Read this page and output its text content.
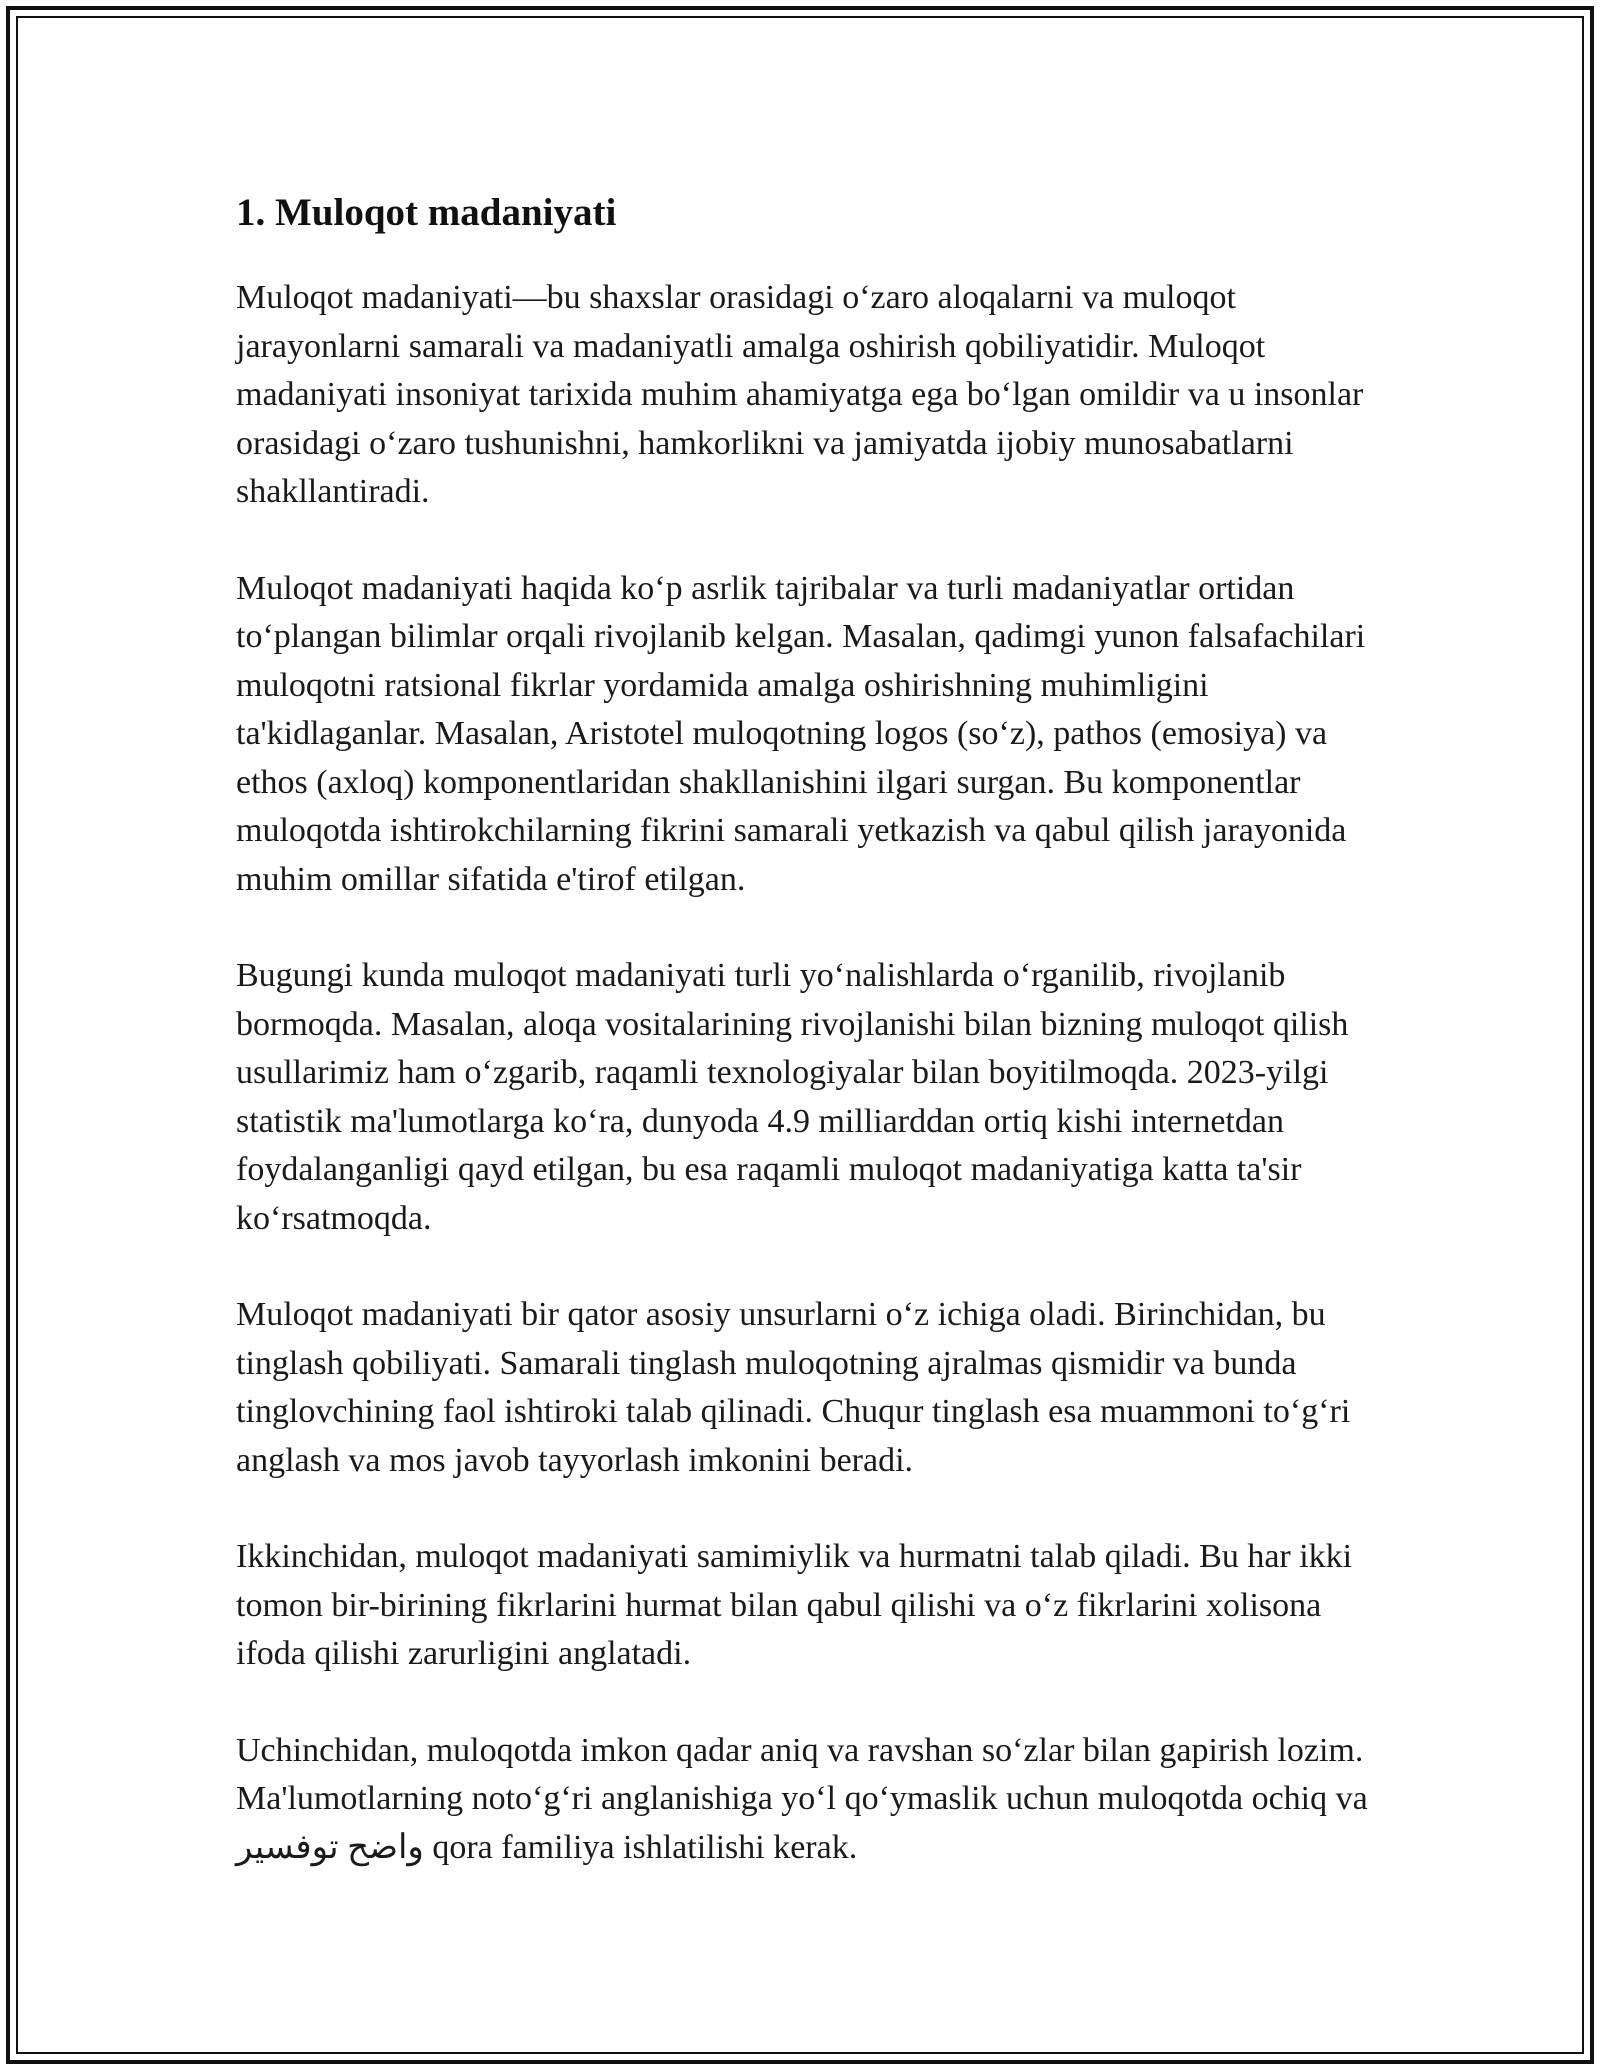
1. Muloqot madaniyati

Muloqot madaniyati—bu shaxslar orasidagi o‘zaro aloqalarni va muloqot jarayonlarni samarali va madaniyatli amalga oshirish qobiliyatidir. Muloqot madaniyati insoniyat tarixida muhim ahamiyatga ega bo‘lgan omildir va u insonlar orasidagi o‘zaro tushunishni, hamkorlikni va jamiyatda ijobiy munosabatlarni shakllantiradi.

Muloqot madaniyati haqida ko‘p asrlik tajribalar va turli madaniyatlar ortidan to‘plangan bilimlar orqali rivojlanib kelgan. Masalan, qadimgi yunon falsafachilari muloqotni ratsional fikrlar yordamida amalga oshirishning muhimligini ta'kidlaganlar. Masalan, Aristotel muloqotning logos (so‘z), pathos (emosiya) va ethos (axloq) komponentlaridan shakllanishini ilgari surgan. Bu komponentlar muloqotda ishtirokchilarning fikrini samarali yetkazish va qabul qilish jarayonida muhim omillar sifatida e'tirof etilgan.

Bugungi kunda muloqot madaniyati turli yo‘nalishlarda o‘rganilib, rivojlanib bormoqda. Masalan, aloqa vositalarining rivojlanishi bilan bizning muloqot qilish usullarimiz ham o‘zgarib, raqamli texnologiyalar bilan boyitilmoqda. 2023-yilgi statistik ma'lumotlarga ko‘ra, dunyoda 4.9 milliarddan ortiq kishi internetdan foydalanganligi qayd etilgan, bu esa raqamli muloqot madaniyatiga katta ta'sir ko‘rsatmoqda.

Muloqot madaniyati bir qator asosiy unsurlarni o‘z ichiga oladi. Birinchidan, bu tinglash qobiliyati. Samarali tinglash muloqotning ajralmas qismidir va bunda tinglovchining faol ishtiroki talab qilinadi. Chuqur tinglash esa muammoni to‘g‘ri anglash va mos javob tayyorlash imkonini beradi.

Ikkinchidan, muloqot madaniyati samimiylik va hurmatni talab qiladi. Bu har ikki tomon bir-birining fikrlarini hurmat bilan qabul qilishi va o‘z fikrlarini xolisona ifoda qilishi zarurligini anglatadi.

Uchinchidan, muloqotda imkon qadar aniq va ravshan so‘zlar bilan gapirish lozim. Ma'lumotlarning noto‘g‘ri anglanishiga yo‘l qo‘ymaslik uchun muloqotda ochiq va واضح توفسير qora familiya ishlatilishi kerak.
